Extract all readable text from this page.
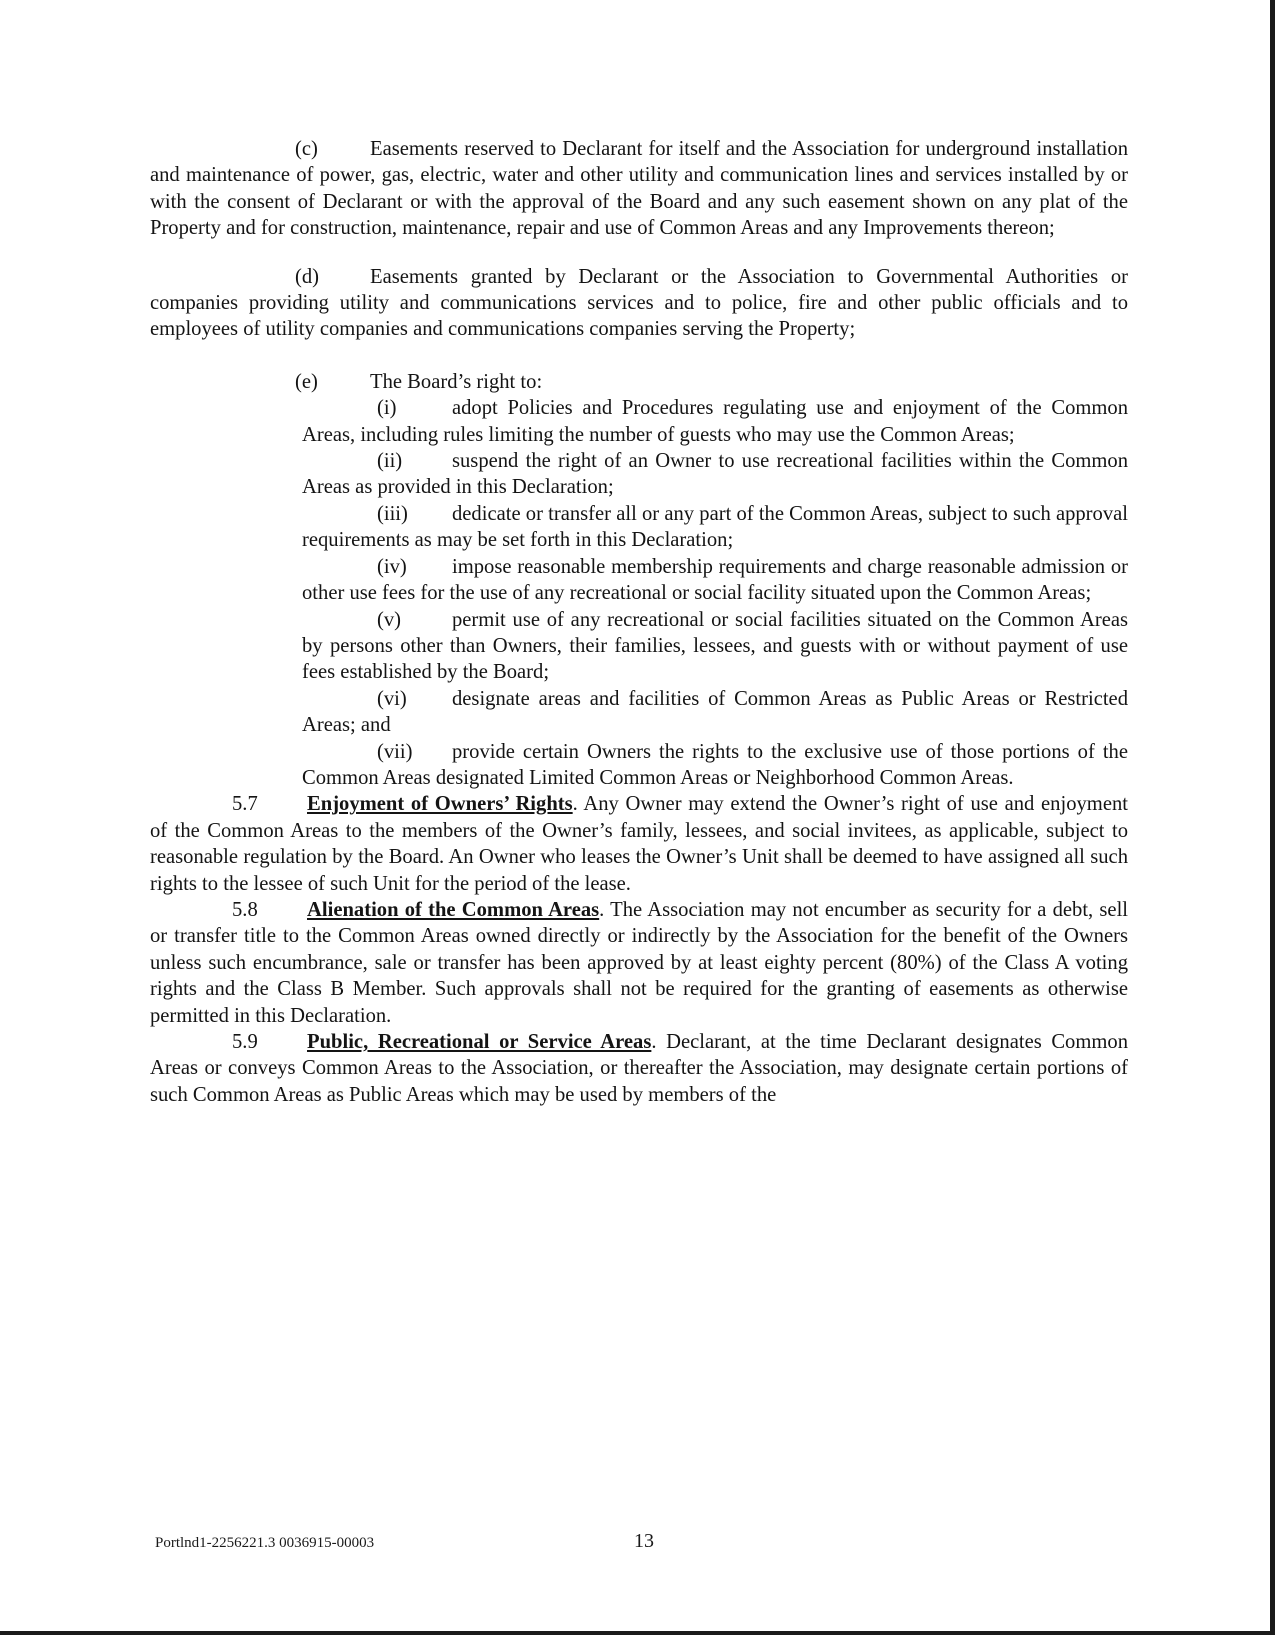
(c)	Easements reserved to Declarant for itself and the Association for underground installation and maintenance of power, gas, electric, water and other utility and communication lines and services installed by or with the consent of Declarant or with the approval of the Board and any such easement shown on any plat of the Property and for construction, maintenance, repair and use of Common Areas and any Improvements thereon;

(d) Easements granted by Declarant or the Association to Governmental Authorities or companies providing utility and communications services and to police, fire and other public officials and to employees of utility companies and communications companies serving the Property;

(e)	The Board’s right to:

(i)	adopt Policies and Procedures regulating use and enjoyment of the Common Areas, including rules limiting the number of guests who may use the Common Areas;

(ii) suspend the right of an Owner to use recreational facilities within the Common Areas as provided in this Declaration;

(iii) dedicate or transfer all or any part of the Common Areas, subject to such approval requirements as may be set forth in this Declaration;

(iv) impose reasonable membership requirements and charge reasonable admission or other use fees for the use of any recreational or social facility situated upon the Common Areas;

(v) permit use of any recreational or social facilities situated on the Common Areas by persons other than Owners, their families, lessees, and guests with or without payment of use fees established by the Board;

(vi) designate areas and facilities of Common Areas as Public Areas or Restricted Areas; and

(vii) provide certain Owners the rights to the exclusive use of those portions of the Common Areas designated Limited Common Areas or Neighborhood Common Areas.

5.7 Enjoyment of Owners’ Rights. Any Owner may extend the Owner’s right of use and enjoyment of the Common Areas to the members of the Owner’s family, lessees, and social invitees, as applicable, subject to reasonable regulation by the Board. An Owner who leases the Owner’s Unit shall be deemed to have assigned all such rights to the lessee of such Unit for the period of the lease.

5.8 Alienation of the Common Areas. The Association may not encumber as security for a debt, sell or transfer title to the Common Areas owned directly or indirectly by the Association for the benefit of the Owners unless such encumbrance, sale or transfer has been approved by at least eighty percent (80%) of the Class A voting rights and the Class B Member. Such approvals shall not be required for the granting of easements as otherwise permitted in this Declaration.

5.9 Public, Recreational or Service Areas. Declarant, at the time Declarant designates Common Areas or conveys Common Areas to the Association, or thereafter the Association, may designate certain portions of such Common Areas as Public Areas which may be used by members of the

Portlnd1-2256221.3 0036915-00003	13
